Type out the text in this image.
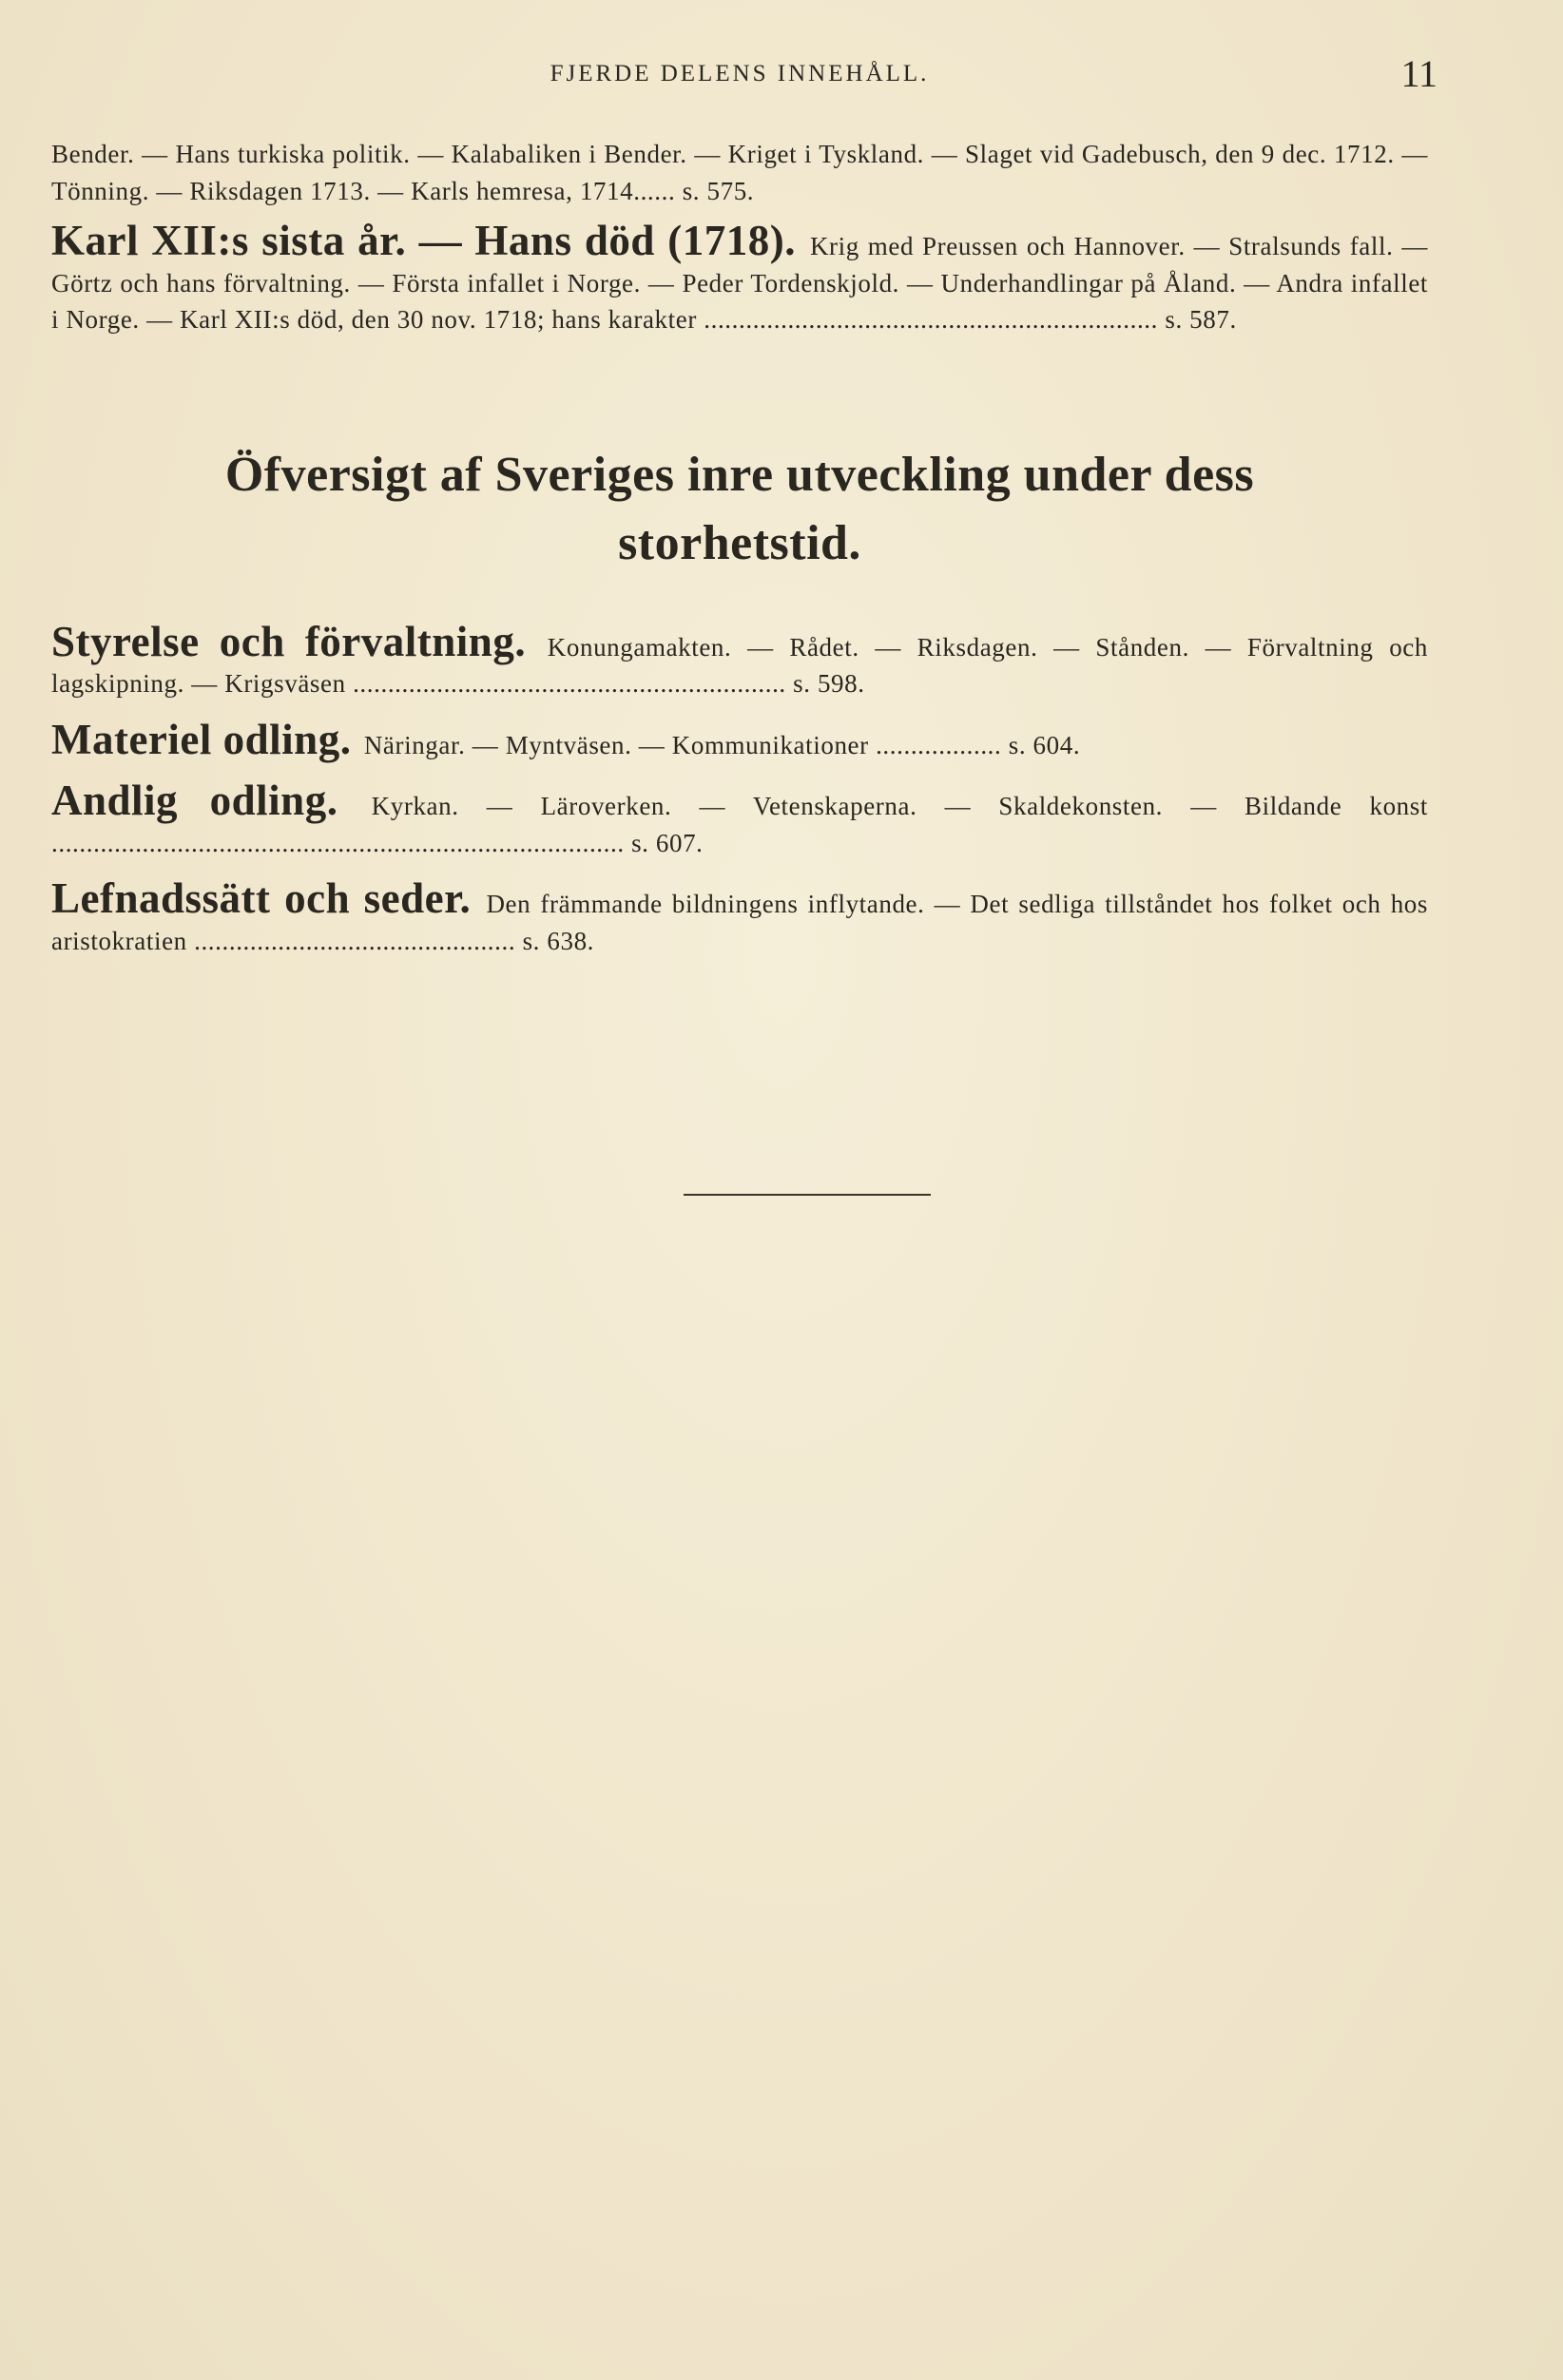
FJERDE DELENS INNEHÅLL.	11

Bender. — Hans turkiska politik. — Kalabaliken i Bender. — Kriget i Tyskland. — Slaget vid Gadebusch, den 9 dec. 1712. — Tönning. — Riksdagen 1713. — Karls hemresa, 1714...... s. 575.

Karl XII:s sista år. — Hans död (1718). Krig med Preussen och Hannover. — Stralsunds fall. — Görtz och hans förvaltning. — Första infallet i Norge. — Peder Tordenskjold. — Underhandlingar på Åland. — Andra infallet i Norge. — Karl XII:s död, den 30 nov. 1718; hans karakter ................................................................. s. 587.

Öfversigt af Sveriges inre utveckling under dess storhetstid.

Styrelse och förvaltning. Konungamakten. — Rådet. — Riksdagen. — Stånden. — Förvaltning och lagskipning. — Krigsväsen .............................................................. s. 598.

Materiel odling. Näringar. — Myntväsen. — Kommunikationer .................. s. 604.

Andlig odling. Kyrkan. — Läroverken. — Vetenskaperna. — Skaldekonsten. — Bildande konst .................................................................................. s. 607.

Lefnadssätt och seder. Den främmande bildningens inflytande. — Det sedliga tillståndet hos folket och hos aristokratien .............................................. s. 638.
